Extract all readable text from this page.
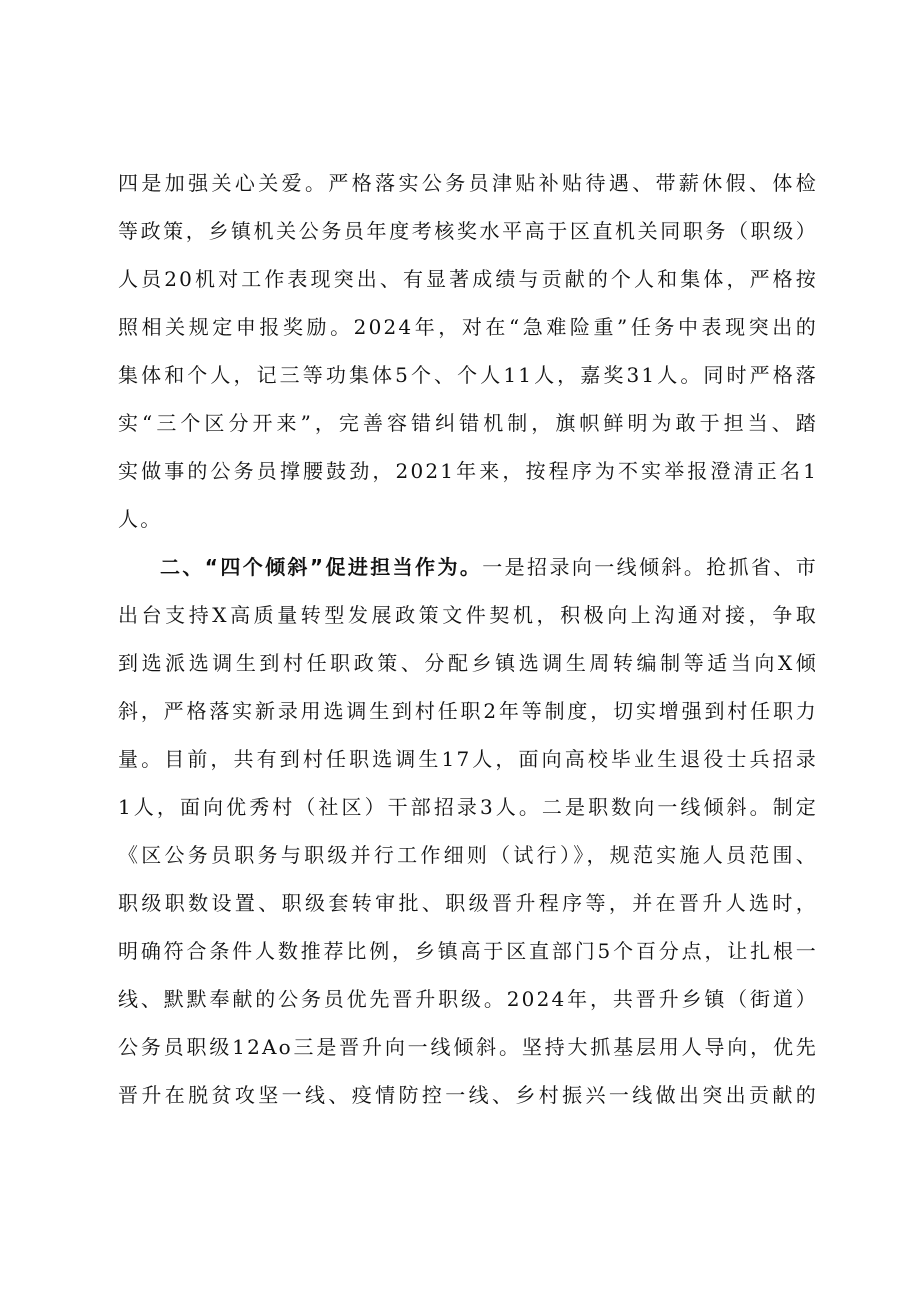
四是加强关心关爱。严格落实公务员津贴补贴待遇、带薪休假、体检
等政策，乡镇机关公务员年度考核奖水平高于区直机关同职务（职级）
人员20机对工作表现突出、有显著成绩与贡献的个人和集体，严格按
照相关规定申报奖励。2024年，对在“急难险重”任务中表现突出的
集体和个人，记三等功集体5个、个人11人，嘉奖31人。同时严格落
实“三个区分开来”，完善容错纠错机制，旗帜鲜明为敢于担当、踏
实做事的公务员撑腰鼓劲，2021年来，按程序为不实举报澄清正名1
人。
二、“四个倾斜”促进担当作为。一是招录向一线倾斜。抢抓省、市
出台支持X高质量转型发展政策文件契机，积极向上沟通对接，争取
到选派选调生到村任职政策、分配乡镇选调生周转编制等适当向X倾
斜，严格落实新录用选调生到村任职2年等制度，切实增强到村任职力
量。目前，共有到村任职选调生17人，面向高校毕业生退役士兵招录
1人，面向优秀村（社区）干部招录3人。二是职数向一线倾斜。制定
《区公务员职务与职级并行工作细则（试行）》，规范实施人员范围、
职级职数设置、职级套转审批、职级晋升程序等，并在晋升人选时，
明确符合条件人数推荐比例，乡镇高于区直部门5个百分点，让扎根一
线、默默奉献的公务员优先晋升职级。2024年，共晋升乡镇（街道）
公务员职级12Ao三是晋升向一线倾斜。坚持大抓基层用人导向，优先
晋升在脱贫攻坚一线、疫情防控一线、乡村振兴一线做出突出贡献的
